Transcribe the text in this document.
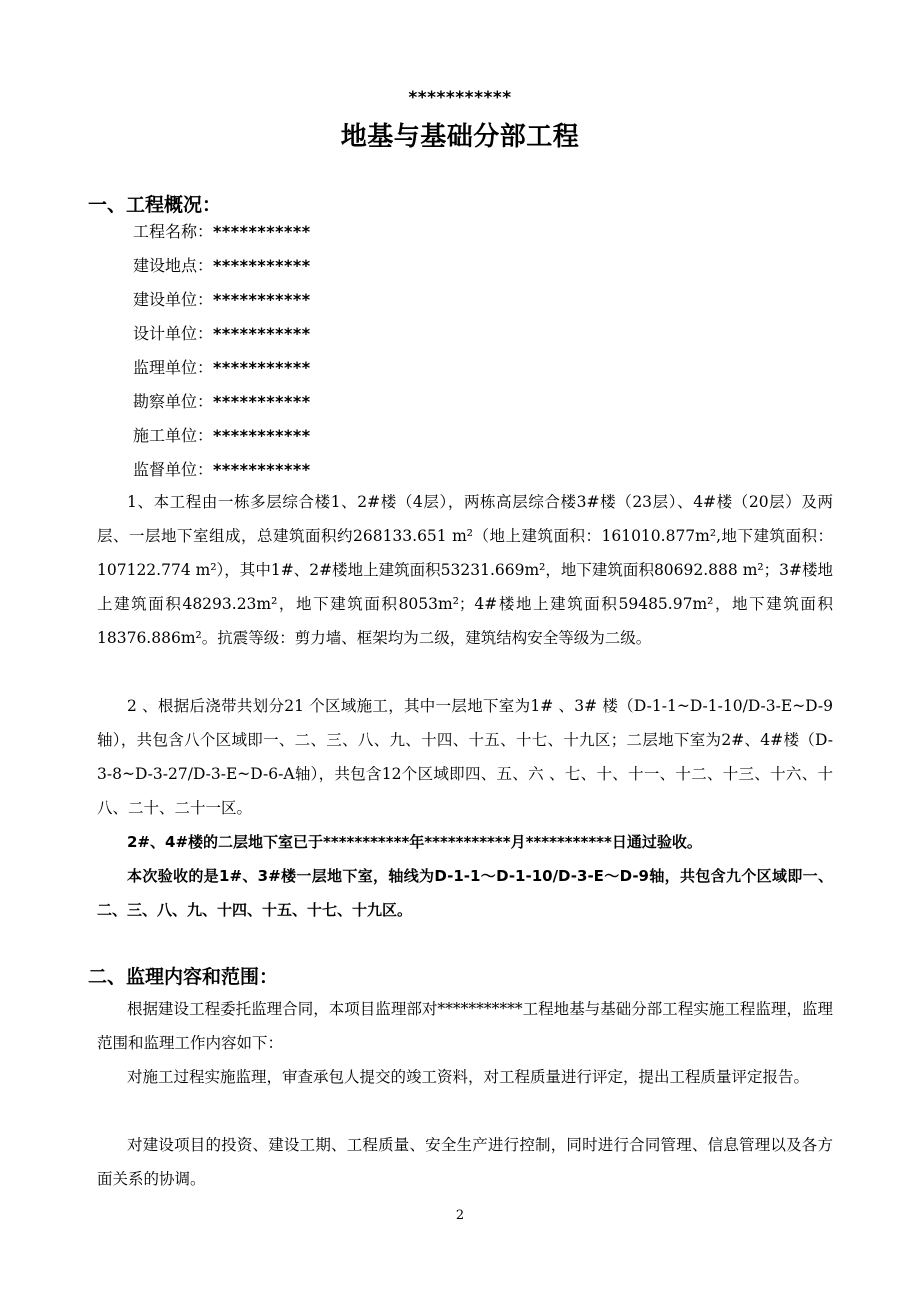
***********
地基与基础分部工程
一、工程概况：
工程名称：***********
建设地点：***********
建设单位：***********
设计单位：***********
监理单位：***********
勘察单位：***********
施工单位：***********
监督单位：***********
1、本工程由一栋多层综合楼1、2#楼（4层），两栋高层综合楼3#楼（23层）、4#楼（20层）及两层、一层地下室组成，总建筑面积约268133.651 m²（地上建筑面积：161010.877m²,地下建筑面积：107122.774 m²），其中1#、2#楼地上建筑面积53231.669m²，地下建筑面积80692.888 m²；3#楼地上建筑面积48293.23m²，地下建筑面积8053m²；4#楼地上建筑面积59485.97m²，地下建筑面积18376.886m²。抗震等级：剪力墙、框架均为二级，建筑结构安全等级为二级。
2 、根据后浇带共划分21 个区域施工，其中一层地下室为1# 、3# 楼（D-1-1~D-1-10/D-3-E~D-9轴），共包含八个区域即一、二、三、八、九、十四、十五、十七、十九区；二层地下室为2#、4#楼（D-3-8~D-3-27/D-3-E~D-6-A轴），共包含12个区域即四、五、六 、七、十、十一、十二、十三、十六、十八、二十、二十一区。
2#、4#楼的二层地下室已于***********年***********月***********日通过验收。
本次验收的是1#、3#楼一层地下室，轴线为D-1-1～D-1-10/D-3-E～D-9轴，共包含九个区域即一、二、三、八、九、十四、十五、十七、十九区。
二、监理内容和范围：
根据建设工程委托监理合同，本项目监理部对***********工程地基与基础分部工程实施工程监理，监理范围和监理工作内容如下：
对施工过程实施监理，审查承包人提交的竣工资料，对工程质量进行评定，提出工程质量评定报告。
对建设项目的投资、建设工期、工程质量、安全生产进行控制，同时进行合同管理、信息管理以及各方面关系的协调。
2
